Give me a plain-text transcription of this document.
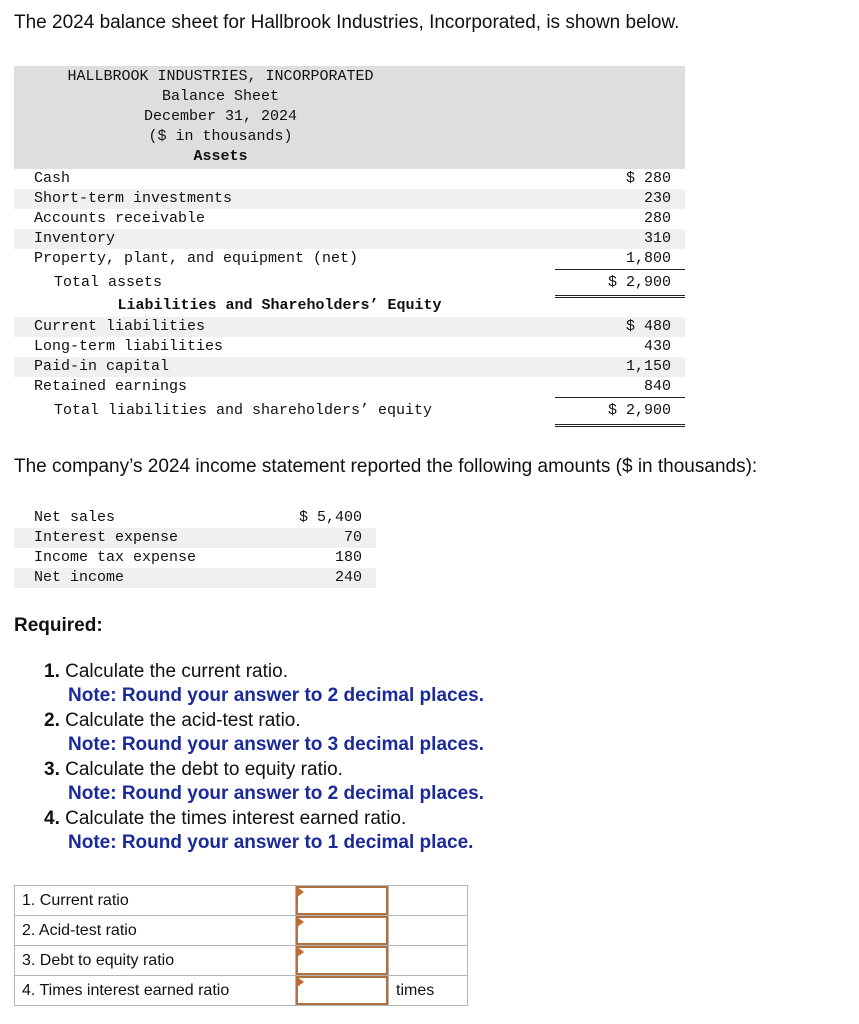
The 2024 balance sheet for Hallbrook Industries, Incorporated, is shown below.
HALLBROOK INDUSTRIES, INCORPORATED
Balance Sheet
December 31, 2024
($ in thousands)
Assets
Cash	$ 280
Short-term investments	230
Accounts receivable	280
Inventory	310
Property, plant, and equipment (net)	1,800
Total assets	$ 2,900
Liabilities and Shareholders’ Equity
Current liabilities	$ 480
Long-term liabilities	430
Paid-in capital	1,150
Retained earnings	840
Total liabilities and shareholders’ equity	$ 2,900
The company’s 2024 income statement reported the following amounts ($ in thousands):
Net sales	$ 5,400
Interest expense	70
Income tax expense	180
Net income	240
Required:
1. Calculate the current ratio.
Note: Round your answer to 2 decimal places.
2. Calculate the acid-test ratio.
Note: Round your answer to 3 decimal places.
3. Calculate the debt to equity ratio.
Note: Round your answer to 2 decimal places.
4. Calculate the times interest earned ratio.
Note: Round your answer to 1 decimal place.
1. Current ratio	

2. Acid-test ratio	

3. Debt to equity ratio	

4. Times interest earned ratio		times
